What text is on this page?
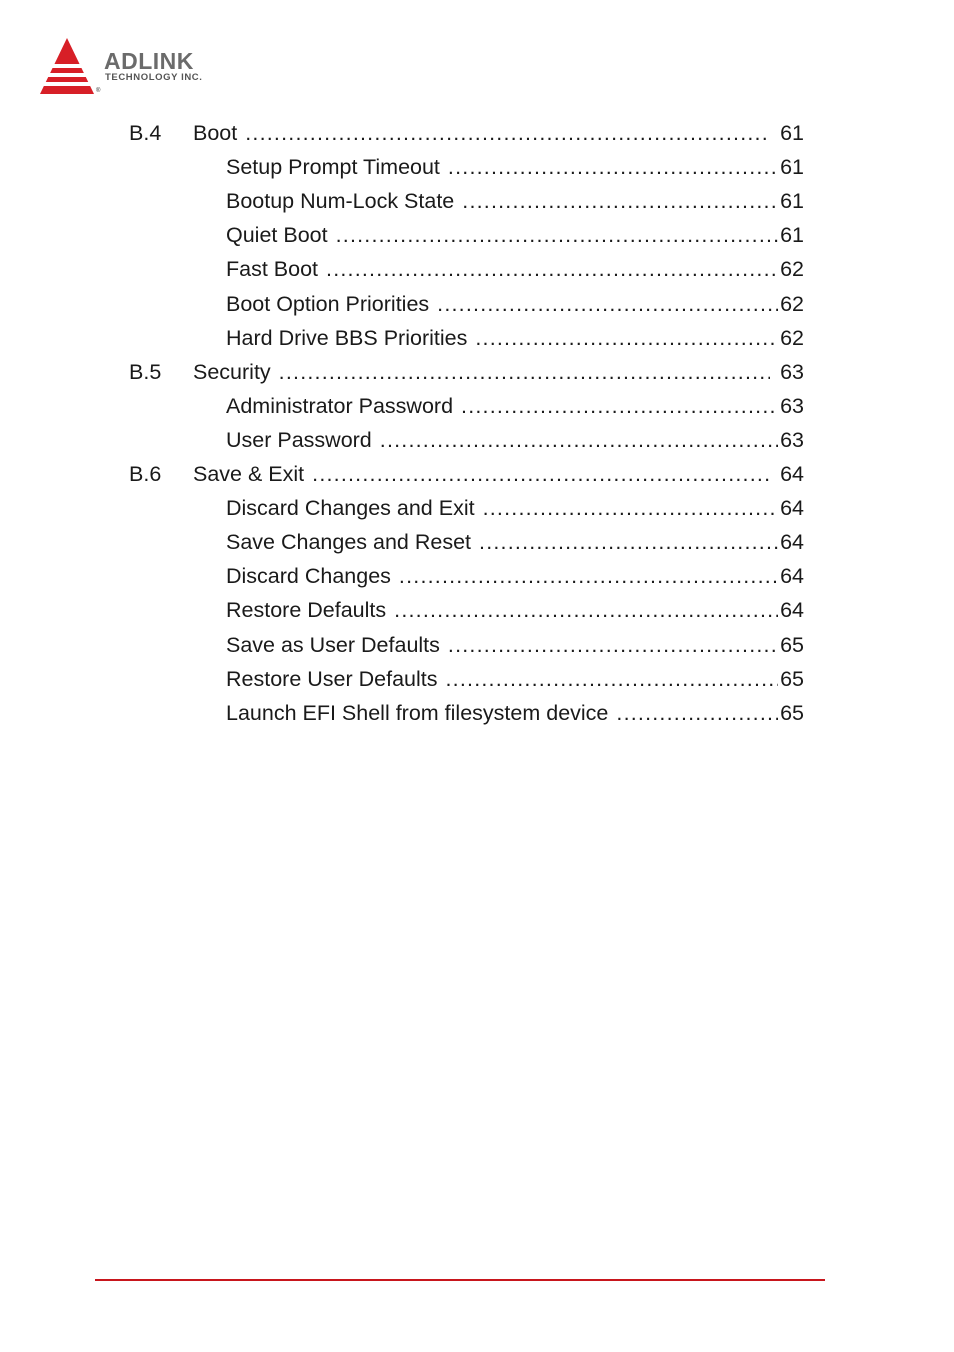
ADLINK
TECHNOLOGY INC.
®
B.4 Boot .....	61
Setup Prompt Timeout .....	61
Bootup Num-Lock State .....	61
Quiet Boot .....	61
Fast Boot .....	62
Boot Option Priorities .....	62
Hard Drive BBS Priorities .....	62
B.5 Security .....	63
Administrator Password .....	63
User Password .....	63
B.6 Save & Exit .....	64
Discard Changes and Exit .....	64
Save Changes and Reset .....	64
Discard Changes .....	64
Restore Defaults .....	64
Save as User Defaults .....	65
Restore User Defaults .....	65
Launch EFI Shell from filesystem device .....	65
